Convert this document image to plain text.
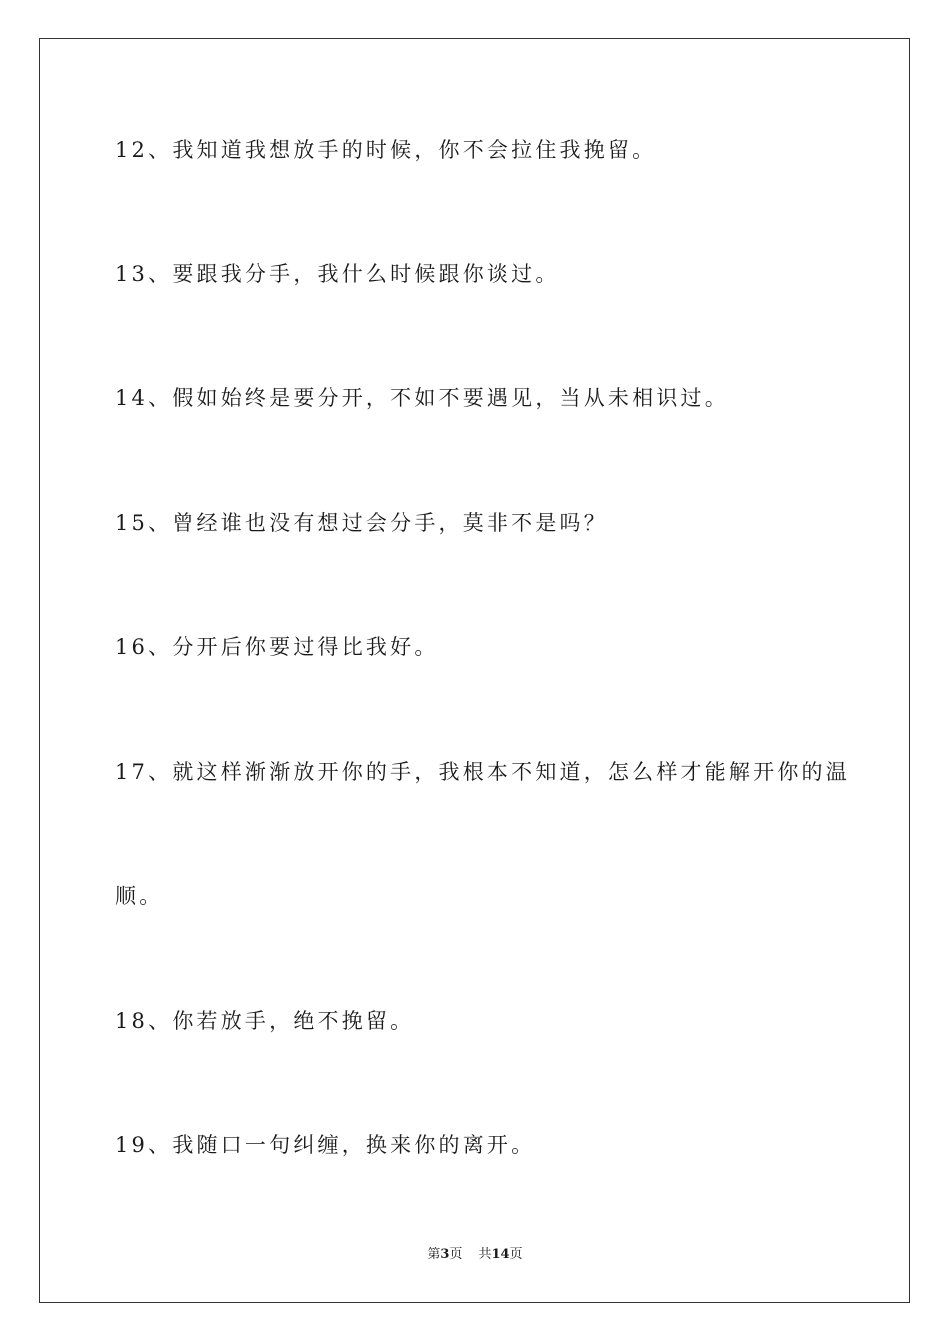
12、我知道我想放手的时候，你不会拉住我挽留。
13、要跟我分手，我什么时候跟你谈过。
14、假如始终是要分开，不如不要遇见，当从未相识过。
15、曾经谁也没有想过会分手，莫非不是吗？
16、分开后你要过得比我好。
17、就这样渐渐放开你的手，我根本不知道，怎么样才能解开你的温
顺。
18、你若放手，绝不挽留。
19、我随口一句纠缠，换来你的离开。
第3页 共14页
